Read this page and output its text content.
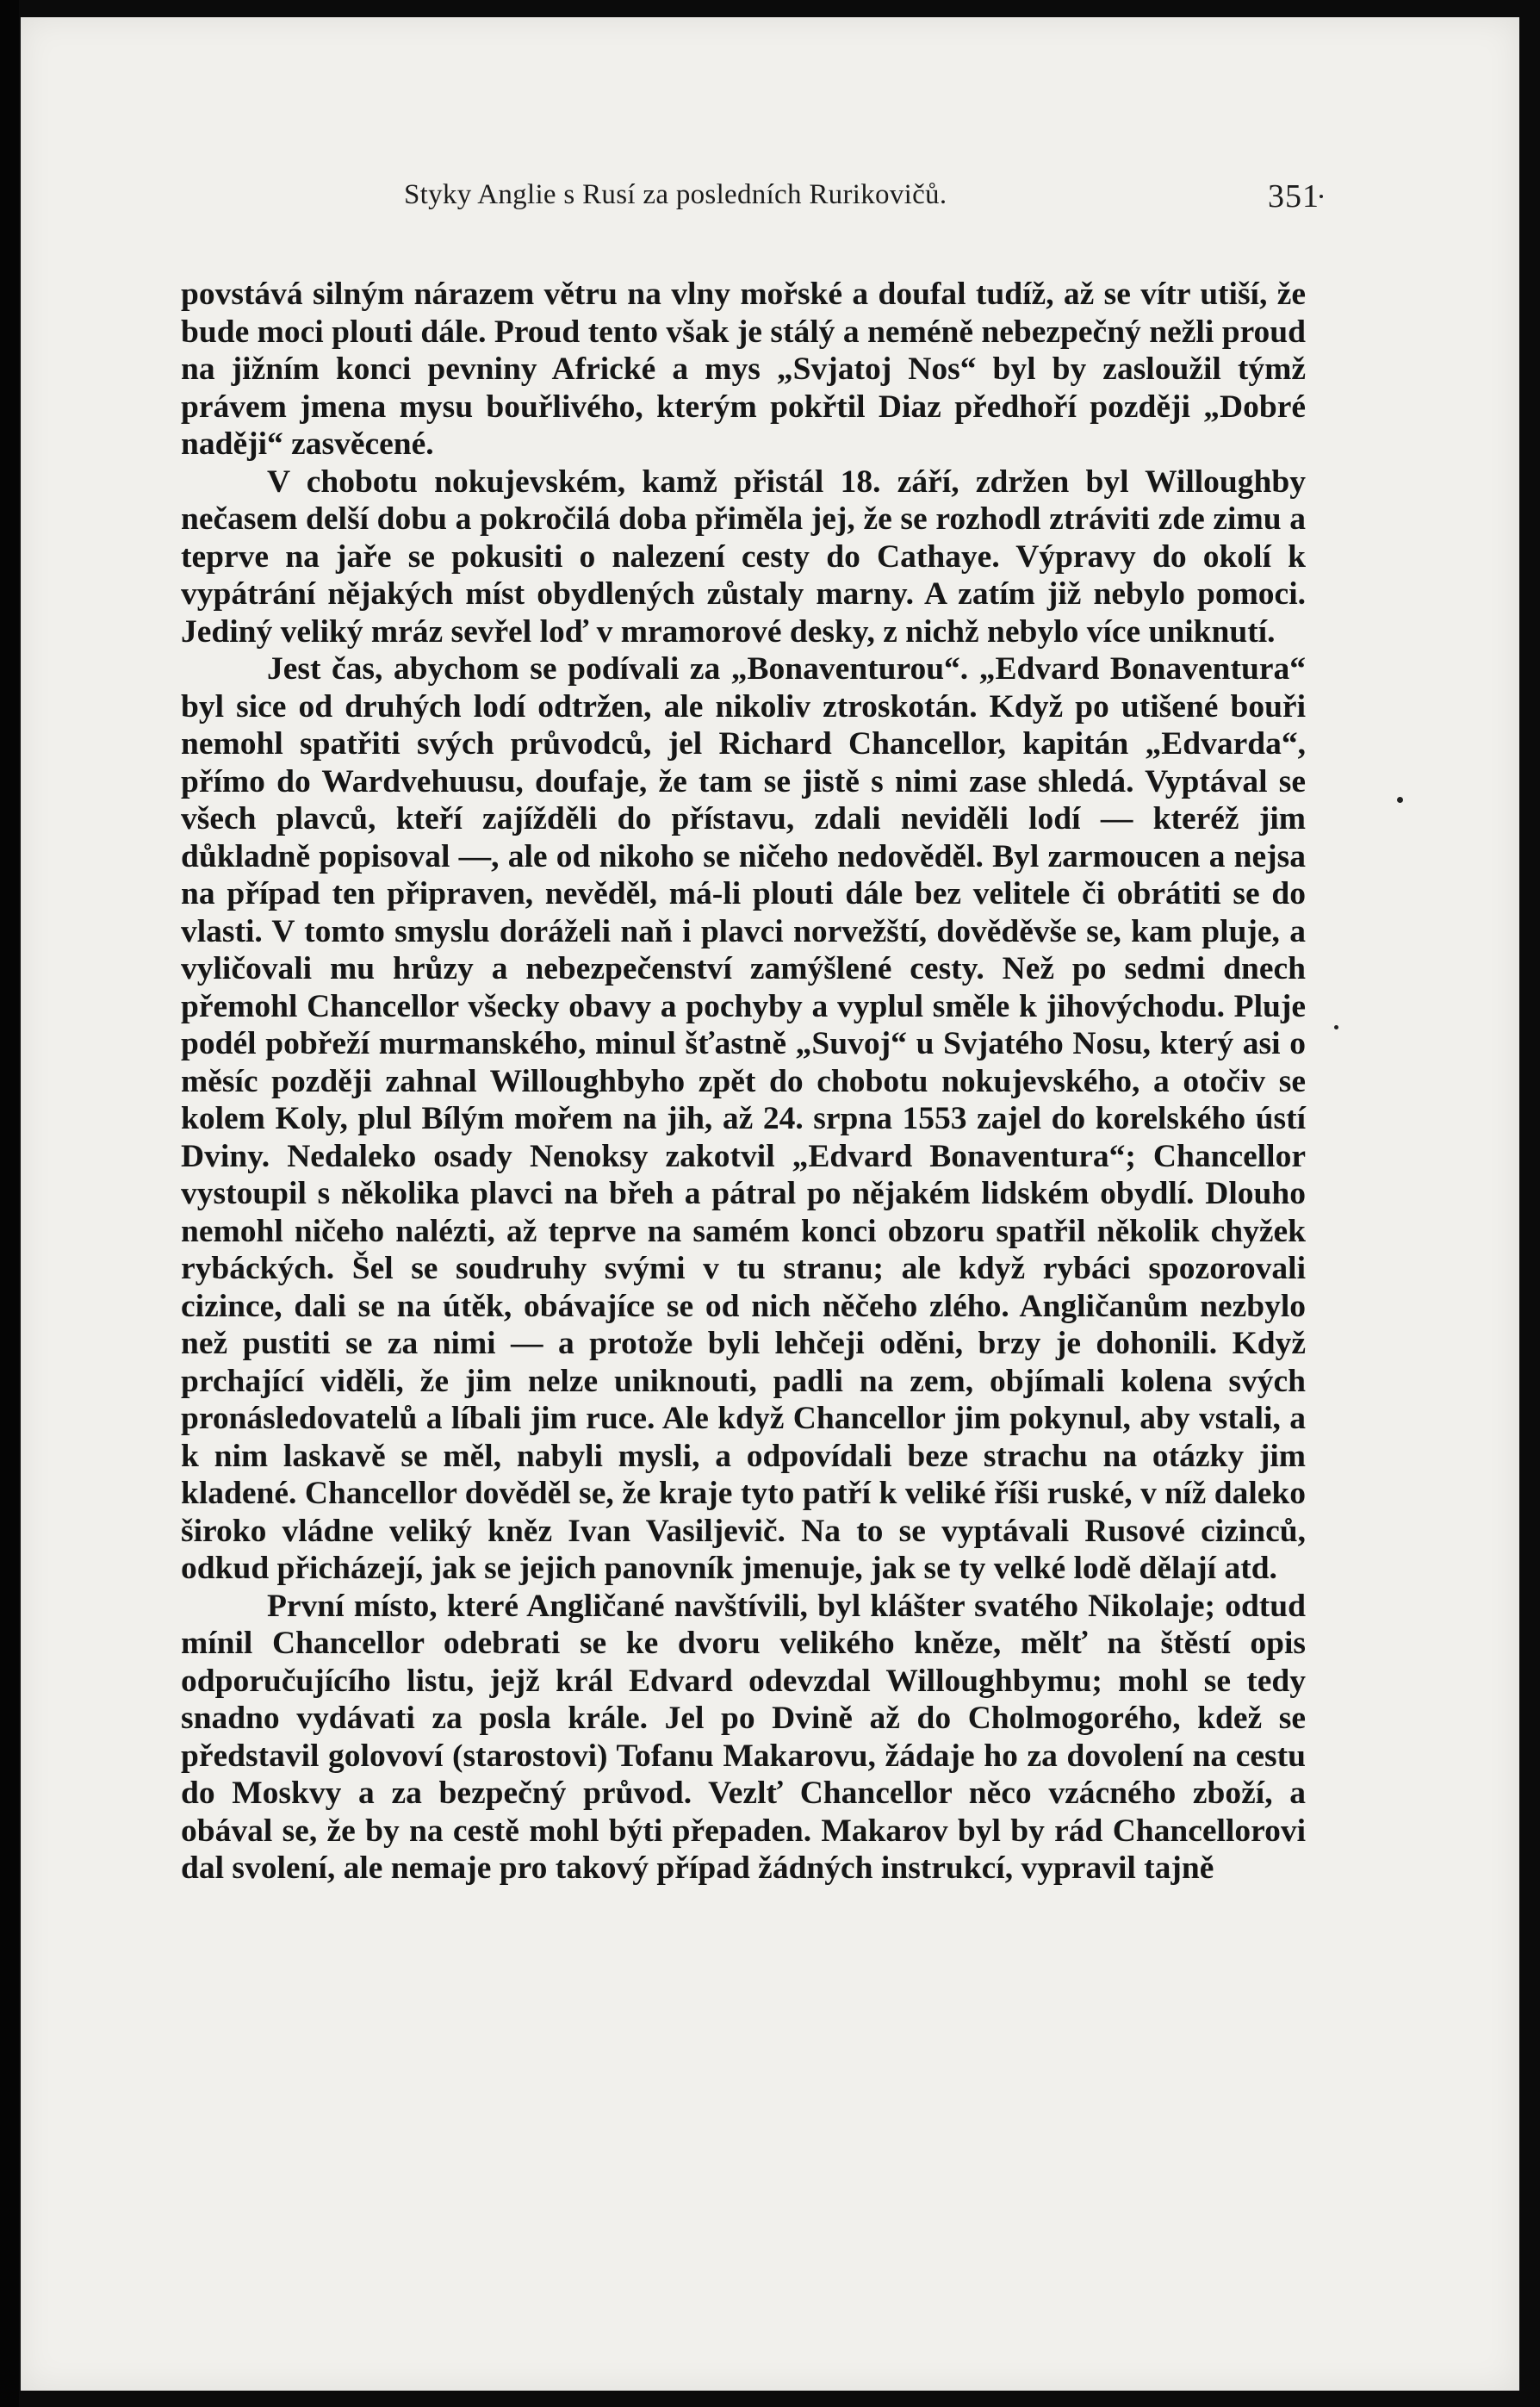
Styky Anglie s Rusí za posledních Rurikovičů.	351

povstává silným nárazem větru na vlny mořské a doufal tudíž, až se vítr utiší, že bude moci plouti dále. Proud tento však je stálý a neméně nebezpečný nežli proud na jižním konci pevniny Africké a mys „Svjatoj Nos“ byl by zasloužil týmž právem jmena mysu bouřlivého, kterým pokřtil Diaz předhoří později „Dobré naději“ zasvěcené.

V chobotu nokujevském, kamž přistál 18. září, zdržen byl Willoughby nečasem delší dobu a pokročilá doba přiměla jej, že se rozhodl ztráviti zde zimu a teprve na jaře se pokusiti o nalezení cesty do Cathaye. Výpravy do okolí k vypátrání nějakých míst obydlených zůstaly marny. A zatím již nebylo pomoci. Jediný veliký mráz sevřel loď v mramorové desky, z nichž nebylo více uniknutí.

Jest čas, abychom se podívali za „Bonaventurou“. „Edvard Bonaventura“ byl sice od druhých lodí odtržen, ale nikoliv ztroskotán. Když po utišené bouři nemohl spatřiti svých průvodců, jel Richard Chancellor, kapitán „Edvarda“, přímo do Wardvehuusu, doufaje, že tam se jistě s nimi zase shledá. Vyptával se všech plavců, kteří zajížděli do přístavu, zdali neviděli lodí — kteréž jim důkladně popisoval —, ale od nikoho se ničeho nedověděl. Byl zarmoucen a nejsa na případ ten připraven, nevěděl, má-li plouti dále bez velitele či obrátiti se do vlasti. V tomto smyslu doráželi naň i plavci norvežští, dověděvše se, kam pluje, a vyličovali mu hrůzy a nebezpečenství zamýšlené cesty. Než po sedmi dnech přemohl Chancellor všecky obavy a pochyby a vyplul směle k jihovýchodu. Pluje podél pobřeží murmanského, minul šťastně „Suvoj“ u Svjatého Nosu, který asi o měsíc později zahnal Willoughbyho zpět do chobotu nokujevského, a otočiv se kolem Koly, plul Bílým mořem na jih, až 24. srpna 1553 zajel do korelského ústí Dviny. Nedaleko osady Nenoksy zakotvil „Edvard Bonaventura“; Chancellor vystoupil s několika plavci na břeh a pátral po nějakém lidském obydlí. Dlouho nemohl ničeho nalézti, až teprve na samém konci obzoru spatřil několik chyžek rybáckých. Šel se soudruhy svými v tu stranu; ale když rybáci spozorovali cizince, dali se na útěk, obávajíce se od nich něčeho zlého. Angličanům nezbylo než pustiti se za nimi — a protože byli lehčeji oděni, brzy je dohonili. Když prchající viděli, že jim nelze uniknouti, padli na zem, objímali kolena svých pronásledovatelů a líbali jim ruce. Ale když Chancellor jim pokynul, aby vstali, a k nim laskavě se měl, nabyli mysli, a odpovídali beze strachu na otázky jim kladené. Chancellor dověděl se, že kraje tyto patří k veliké říši ruské, v níž daleko široko vládne veliký kněz Ivan Vasiljevič. Na to se vyptávali Rusové cizinců, odkud přicházejí, jak se jejich panovník jmenuje, jak se ty velké lodě dělají atd.

První místo, které Angličané navštívili, byl klášter svatého Nikolaje; odtud mínil Chancellor odebrati se ke dvoru velikého kněze, mělť na štěstí opis odporučujícího listu, jejž král Edvard odevzdal Willoughbymu; mohl se tedy snadno vydávati za posla krále. Jel po Dvině až do Cholmogorého, kdež se představil golovoví (starostovi) Tofanu Makarovu, žádaje ho za dovolení na cestu do Moskvy a za bezpečný průvod. Vezlť Chancellor něco vzácného zboží, a obával se, že by na cestě mohl býti přepaden. Makarov byl by rád Chancellorovi dal svolení, ale nemaje pro takový případ žádných instrukcí, vypravil tajně
